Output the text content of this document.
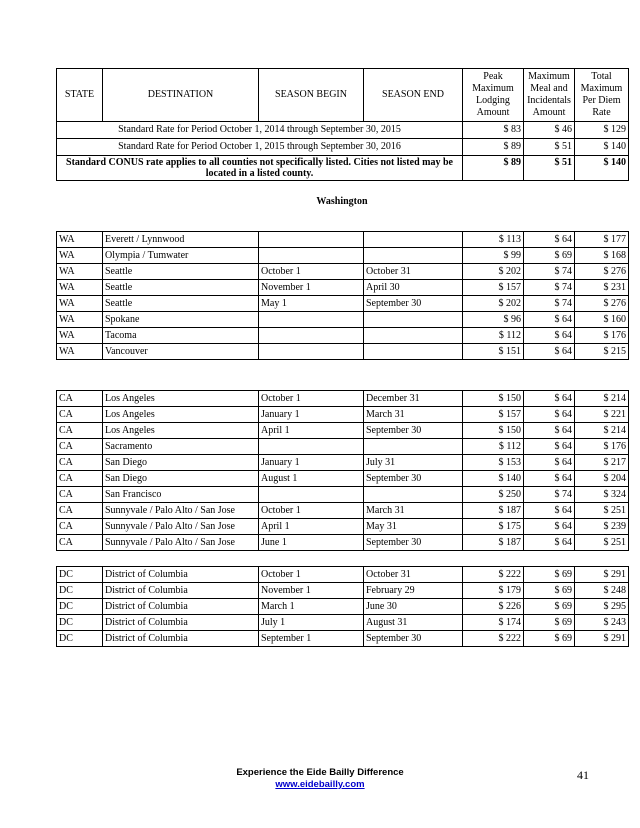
STATE	DESTINATION	SEASON BEGIN	SEASON END	Peak Maximum Lodging Amount	Maximum Meal and Incidentals Amount	Total Maximum Per Diem Rate
Standard Rate for Period October 1, 2014 through September 30, 2015				$ 83	$ 46	$ 129
Standard Rate for Period October 1, 2015 through September 30, 2016				$ 89	$ 51	$ 140
Standard CONUS rate applies to all counties not specifically listed. Cities not listed may be located in a listed county.				$ 89	$ 51	$ 140
Washington
WA	Everett / Lynnwood			$ 113	$ 64	$ 177
WA	Olympia / Tumwater			$ 99	$ 69	$ 168
WA	Seattle	October 1	October 31	$ 202	$ 74	$ 276
WA	Seattle	November 1	April 30	$ 157	$ 74	$ 231
WA	Seattle	May 1	September 30	$ 202	$ 74	$ 276
WA	Spokane			$ 96	$ 64	$ 160
WA	Tacoma			$ 112	$ 64	$ 176
WA	Vancouver			$ 151	$ 64	$ 215
CA	Los Angeles	October 1	December 31	$ 150	$ 64	$ 214
CA	Los Angeles	January 1	March 31	$ 157	$ 64	$ 221
CA	Los Angeles	April 1	September 30	$ 150	$ 64	$ 214
CA	Sacramento			$ 112	$ 64	$ 176
CA	San Diego	January 1	July 31	$ 153	$ 64	$ 217
CA	San Diego	August 1	September 30	$ 140	$ 64	$ 204
CA	San Francisco			$ 250	$ 74	$ 324
CA	Sunnyvale / Palo Alto / San Jose	October 1	March 31	$ 187	$ 64	$ 251
CA	Sunnyvale / Palo Alto / San Jose	April 1	May 31	$ 175	$ 64	$ 239
CA	Sunnyvale / Palo Alto / San Jose	June 1	September 30	$ 187	$ 64	$ 251
DC	District of Columbia	October 1	October 31	$ 222	$ 69	$ 291
DC	District of Columbia	November 1	February 29	$ 179	$ 69	$ 248
DC	District of Columbia	March 1	June 30	$ 226	$ 69	$ 295
DC	District of Columbia	July 1	August 31	$ 174	$ 69	$ 243
DC	District of Columbia	September 1	September 30	$ 222	$ 69	$ 291
Experience the Eide Bailly Difference
www.eidebailly.com
41
